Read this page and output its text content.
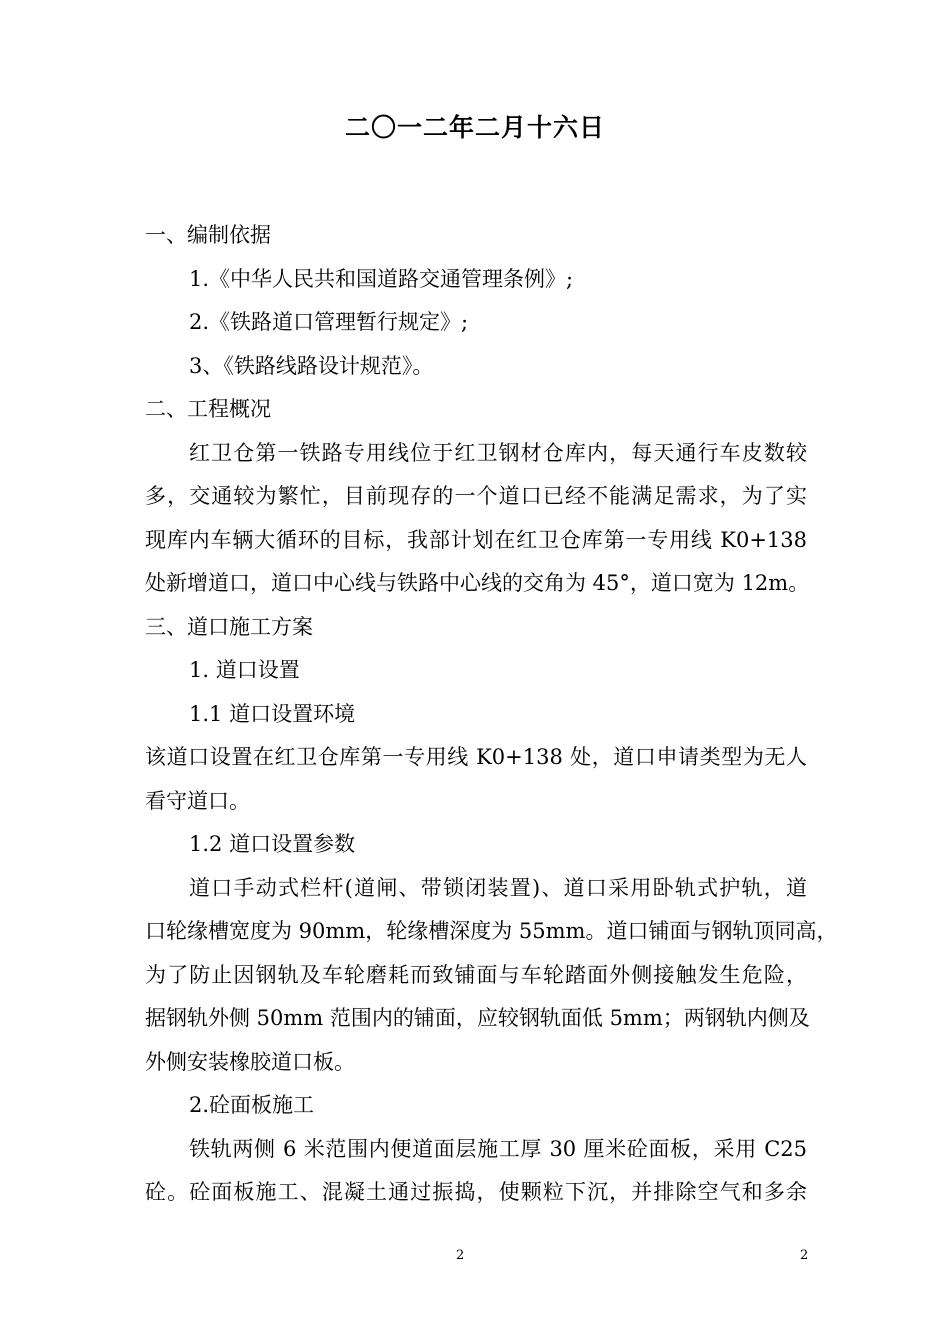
二〇一二年二月十六日

一、编制依据

1.《中华人民共和国道路交通管理条例》;

2.《铁路道口管理暂行规定》;

3、《铁路线路设计规范》。

二、工程概况

红卫仓第一铁路专用线位于红卫钢材仓库内，每天通行车皮数较

多，交通较为繁忙，目前现存的一个道口已经不能满足需求，为了实

现库内车辆大循环的目标，我部计划在红卫仓库第一专用线 K0+138

处新增道口，道口中心线与铁路中心线的交角为 45°，道口宽为 12m。

三、道口施工方案

1. 道口设置

1.1 道口设置环境

该道口设置在红卫仓库第一专用线 K0+138 处，道口申请类型为无人

看守道口。

1.2 道口设置参数

道口手动式栏杆(道闸、带锁闭装置)、道口采用卧轨式护轨，道

口轮缘槽宽度为 90mm，轮缘槽深度为 55mm。道口铺面与钢轨顶同高，

为了防止因钢轨及车轮磨耗而致铺面与车轮踏面外侧接触发生危险，

据钢轨外侧 50mm 范围内的铺面，应较钢轨面低 5mm；两钢轨内侧及

外侧安装橡胶道口板。

2.砼面板施工

铁轨两侧 6 米范围内便道面层施工厚 30 厘米砼面板，采用 C25

砼。砼面板施工、混凝土通过振捣，使颗粒下沉，并排除空气和多余

2	2
